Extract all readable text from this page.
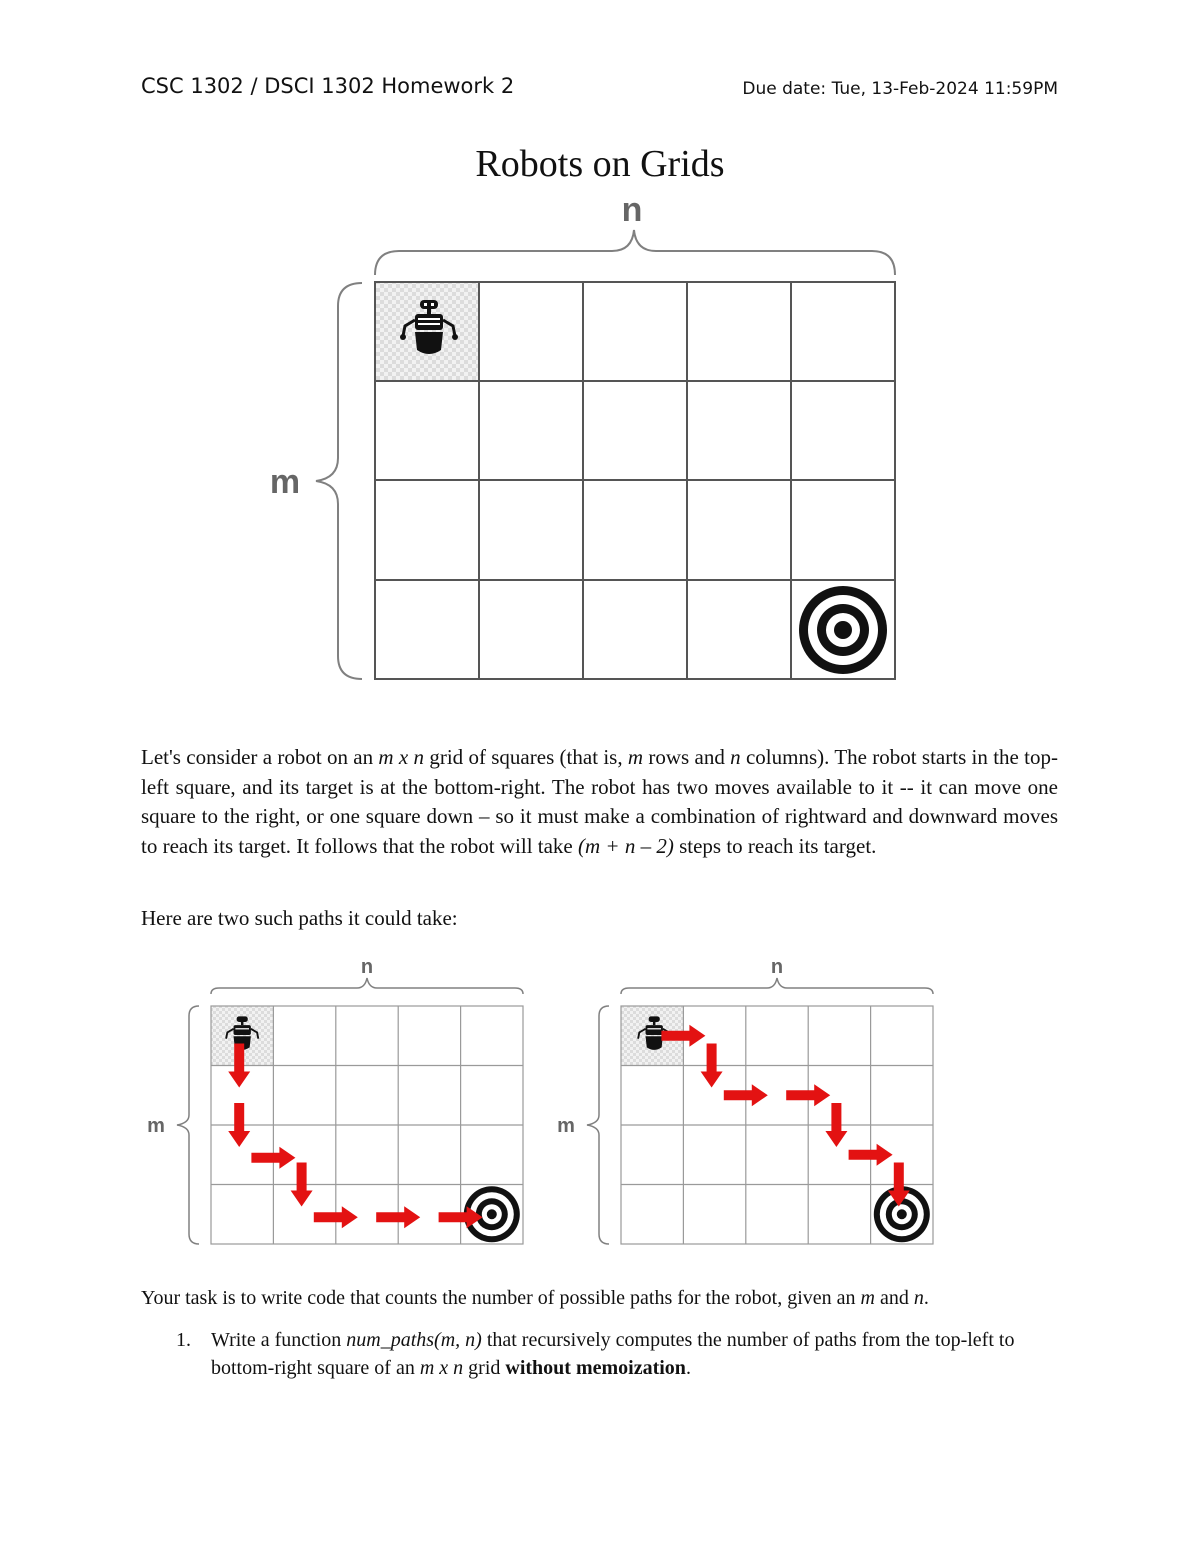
CSC 1302 / DSCI 1302 Homework 2	Due date: Tue, 13-Feb-2024 11:59PM
Robots on Grids
n
m
Let's consider a robot on an m x n grid of squares (that is, m rows and n columns). The robot starts in the top-left square, and its target is at the bottom-right. The robot has two moves available to it -- it can move one square to the right, or one square down – so it must make a combination of rightward and downward moves to reach its target. It follows that the robot will take (m + n – 2) steps to reach its target.
Here are two such paths it could take:
n
m
n
m
Your task is to write code that counts the number of possible paths for the robot, given an m and n.
1. Write a function num_paths(m, n) that recursively computes the number of paths from the top-left to bottom-right square of an m x n grid without memoization.
